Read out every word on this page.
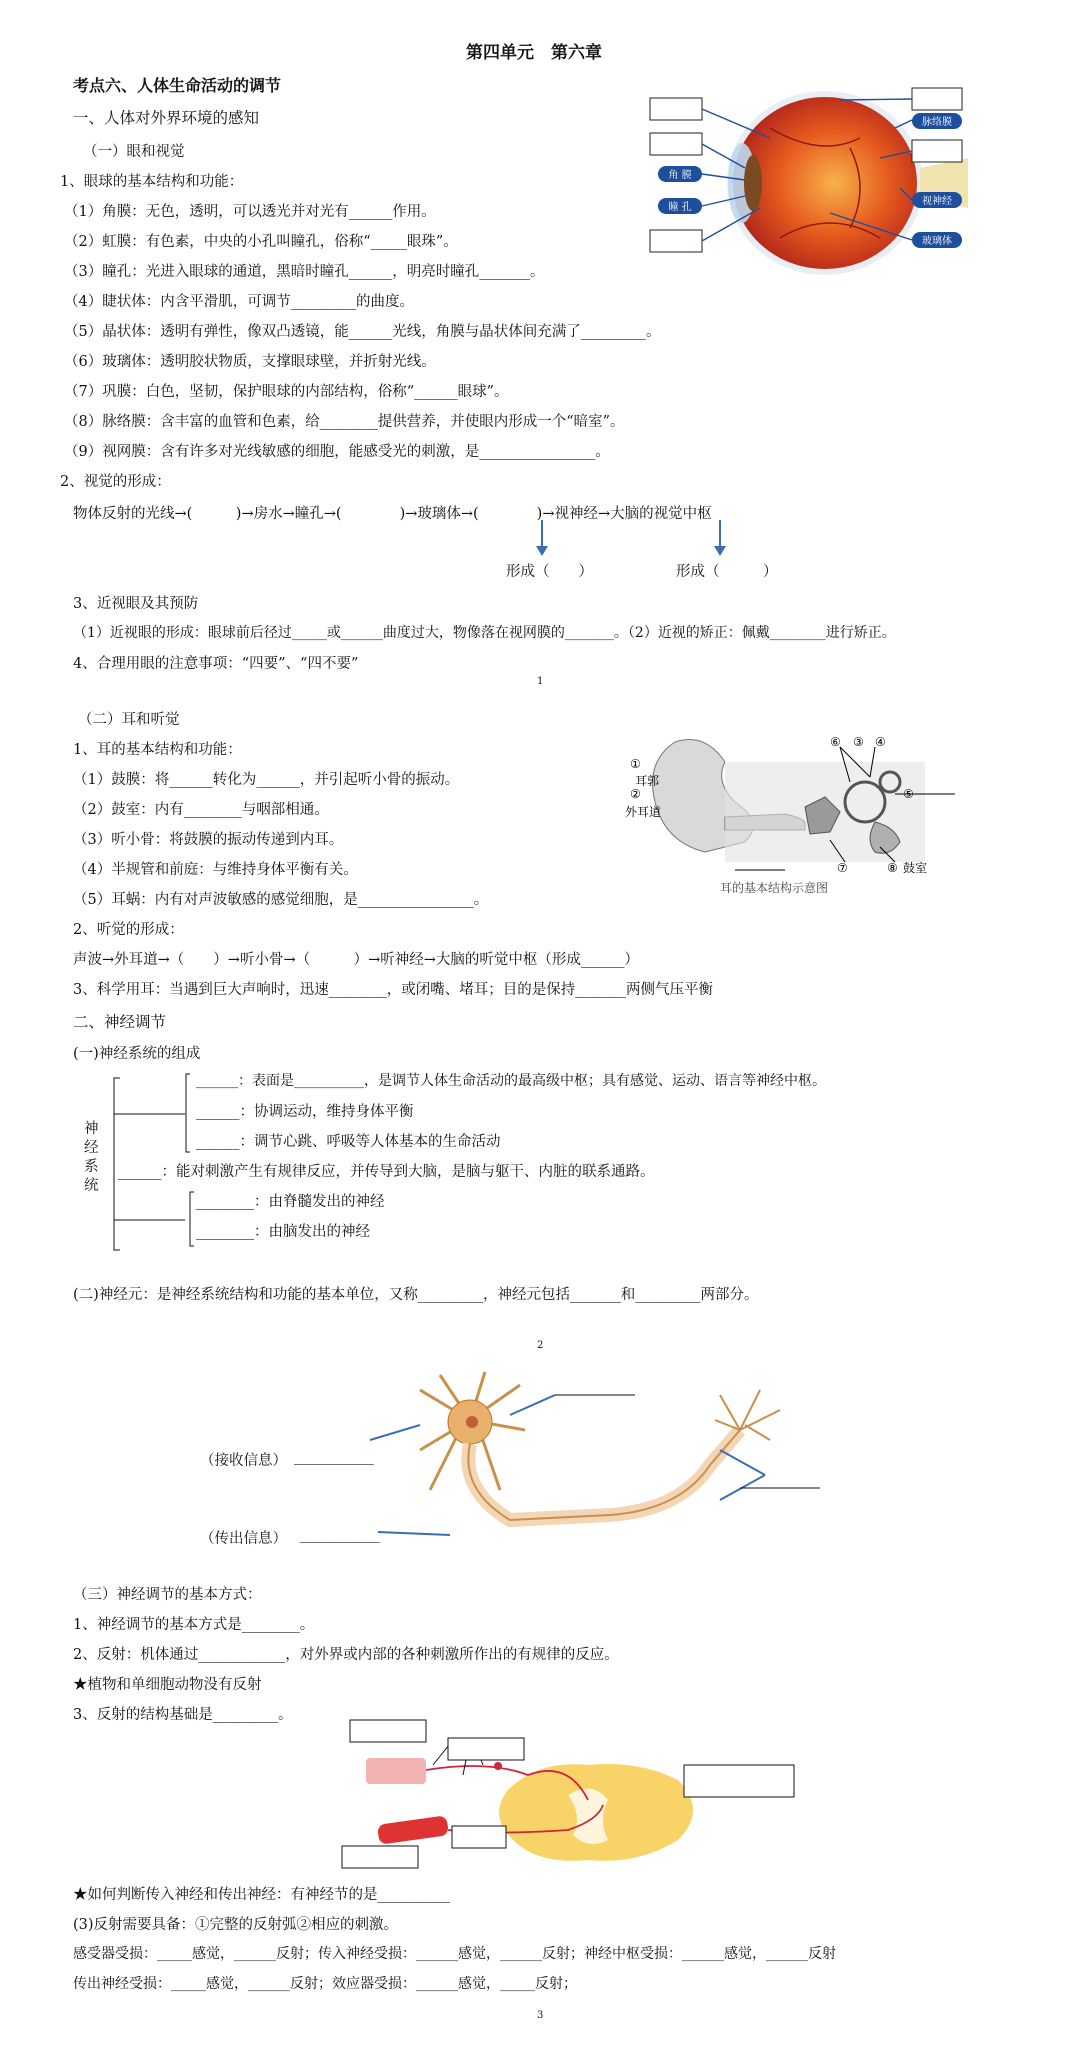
第四单元　第六章
考点六、人体生命活动的调节
一、人体对外界环境的感知
（一）眼和视觉
1、眼球的基本结构和功能：
（1）角膜：无色，透明，可以透光并对光有______作用。
（2）虹膜：有色素，中央的小孔叫瞳孔，俗称“_____眼珠”。
（3）瞳孔：光进入眼球的通道，黑暗时瞳孔______，明亮时瞳孔_______。
（4）睫状体：内含平滑肌，可调节_________的曲度。
（5）晶状体：透明有弹性，像双凸透镜，能______光线，角膜与晶状体间充满了_________。
（6）玻璃体：透明胶状物质，支撑眼球壁，并折射光线。
（7）巩膜：白色，坚韧，保护眼球的内部结构，俗称“______眼球”。
（8）脉络膜：含丰富的血管和色素，给________提供营养，并使眼内形成一个“暗室”。
（9）视网膜：含有许多对光线敏感的细胞，能感受光的刺激，是________________。
角 膜
瞳 孔
脉络膜
视神经
玻璃体
2、视觉的形成：
物体反射的光线→(　　　)→房水→瞳孔→(　　　　)→玻璃体→(　　　　)→视神经→大脑的视觉中枢
形成（　　）	形成（　　　）
3、近视眼及其预防
（1）近视眼的形成：眼球前后径过_____或______曲度过大，物像落在视网膜的_______。（2）近视的矫正：佩戴________进行矫正。
4、合理用眼的注意事项：“四要”、“四不要”
1
（二）耳和听觉
1、耳的基本结构和功能：
（1）鼓膜：将______转化为______，并引起听小骨的振动。
（2）鼓室：内有________与咽部相通。
（3）听小骨：将鼓膜的振动传递到内耳。
（4）半规管和前庭：与维持身体平衡有关。
（5）耳蜗：内有对声波敏感的感觉细胞，是________________。
⑥ ③ ④
⑤
①
耳郭
②
外耳道
⑦	⑧ 鼓室
耳的基本结构示意图
2、听觉的形成：
声波→外耳道→（　　）→听小骨→（　　　）→听神经→大脑的听觉中枢（形成______）
3、科学用耳：当遇到巨大声响时，迅速________，或闭嘴、堵耳；目的是保持_______两侧气压平衡
二、神经调节
(一)神经系统的组成
神
经
系
统
______：表面是__________，是调节人体生命活动的最高级中枢；具有感觉、运动、语言等神经中枢。
______：协调运动，维持身体平衡
______：调节心跳、呼吸等人体基本的生命活动
______：能对刺激产生有规律反应，并传导到大脑，是脑与躯干、内脏的联系通路。
________：由脊髓发出的神经
________：由脑发出的神经
(二)神经元：是神经系统结构和功能的基本单位，又称_________，神经元包括_______和_________两部分。
2
（接收信息） ___________
（传出信息） ___________
（三）神经调节的基本方式：
1、神经调节的基本方式是________。
2、反射：机体通过____________，对外界或内部的各种刺激所作出的有规律的反应。
★植物和单细胞动物没有反射
3、反射的结构基础是_________。
★如何判断传入神经和传出神经：有神经节的是__________
(3)反射需要具备：①完整的反射弧②相应的刺激。
感受器受损：_____感觉，______反射；传入神经受损：______感觉，______反射；神经中枢受损：______感觉，______反射
传出神经受损：_____感觉，______反射；效应器受损：______感觉，_____反射；
3
